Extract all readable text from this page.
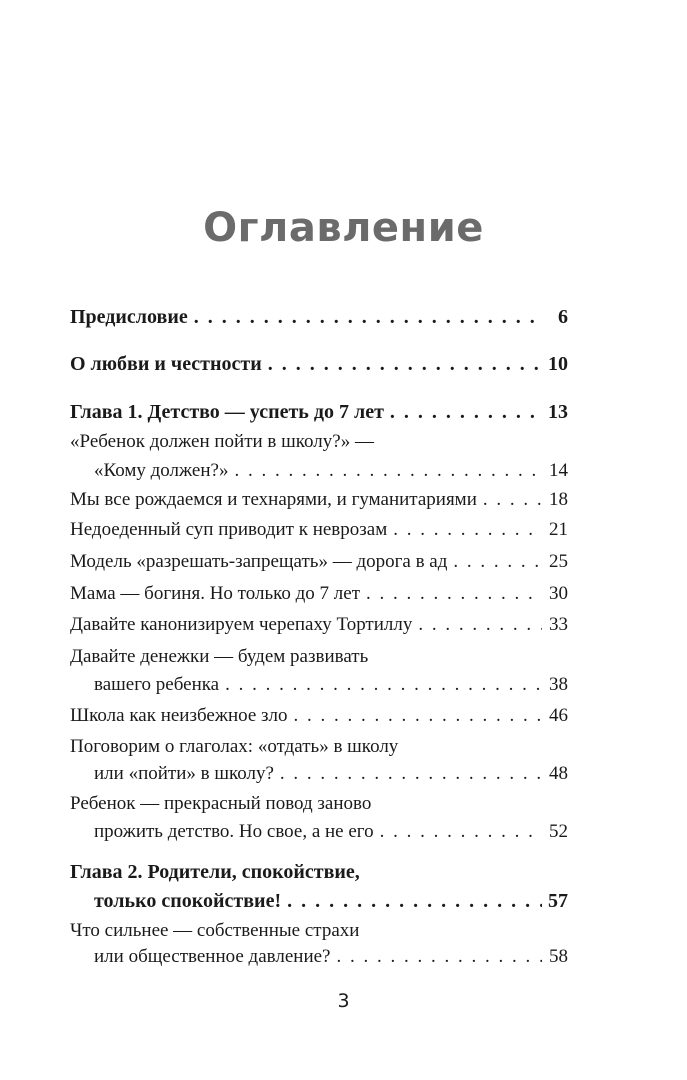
Оглавление
Предисловие . . .	6
О любви и честности . . .	10
Глава 1. Детство — успеть до 7 лет . . .	13
«Ребенок должен пойти в школу?» —
«Кому должен?» . . .	14
Мы все рождаемся и технарями, и гуманитариями . . .	18
Недоеденный суп приводит к неврозам . . .	21
Модель «разрешать-запрещать» — дорога в ад . . .	25
Мама — богиня. Но только до 7 лет . . .	30
Давайте канонизируем черепаху Тортиллу . . .	33
Давайте денежки — будем развивать
вашего ребенка . . .	38
Школа как неизбежное зло . . .	46
Поговорим о глаголах: «отдать» в школу
или «пойти» в школу? . . .	48
Ребенок — прекрасный повод заново
прожить детство. Но свое, а не его . . .	52
Глава 2. Родители, спокойствие,
только спокойствие! . . .	57
Что сильнее — собственные страхи
или общественное давление? . . .	58
3
